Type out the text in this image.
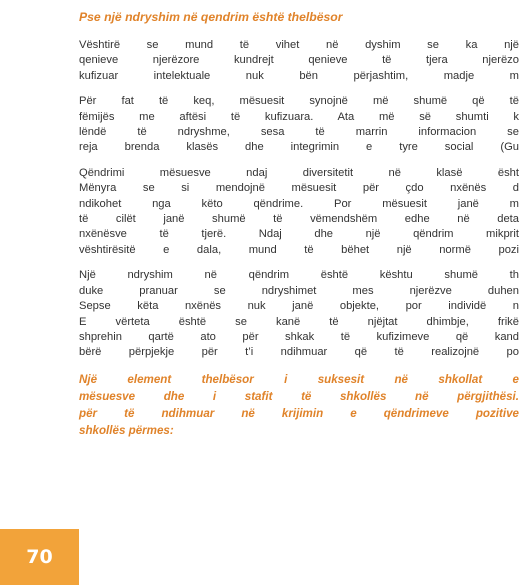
Pse një ndryshim në qendrim është thelbësor
Vështirë se mund të vihet në dyshim se ka një
qenieve njerëzore kundrejt qenieve të tjera njerëzo
kufizuar intelektuale nuk bën përjashtim, madje m
Për fat të keq, mësuesit synojnë më shumë që të
fëmijës me aftësi të kufizuara. Ata më së shumti k
lëndë të ndryshme, sesa të marrin informacion se
reja brenda klasës dhe integrimin e tyre social (Gu
Qëndrimi mësuesve ndaj diversitetit në klasë ësht
Mënyra se si mendojnë mësuesit për çdo nxënës d
ndikohet nga këto qëndrime. Por mësuesit janë m
të cilët janë shumë të vëmendshëm edhe në deta
nxënësve të tjerë. Ndaj dhe një qëndrim mikprit
vështirësitë e dala, mund të bëhet një normë pozi
Një ndryshim në qëndrim është kështu shumë th
duke pranuar se ndryshimet mes njerëzve duhen
Sepse këta nxënës nuk janë objekte, por individë n
E vërteta është se kanë të njëjtat dhimbje, frikë
shprehin qartë ato për shkak të kufizimeve që kand
bërë përpjekje për t’i ndihmuar që të realizojnë po
Një element thelbësor i suksesit në shkollat e
mësuesve dhe i stafit të shkollës në përgjithësi.
për të ndihmuar në krijimin e qëndrimeve pozitive
shkollës përmes:
70
